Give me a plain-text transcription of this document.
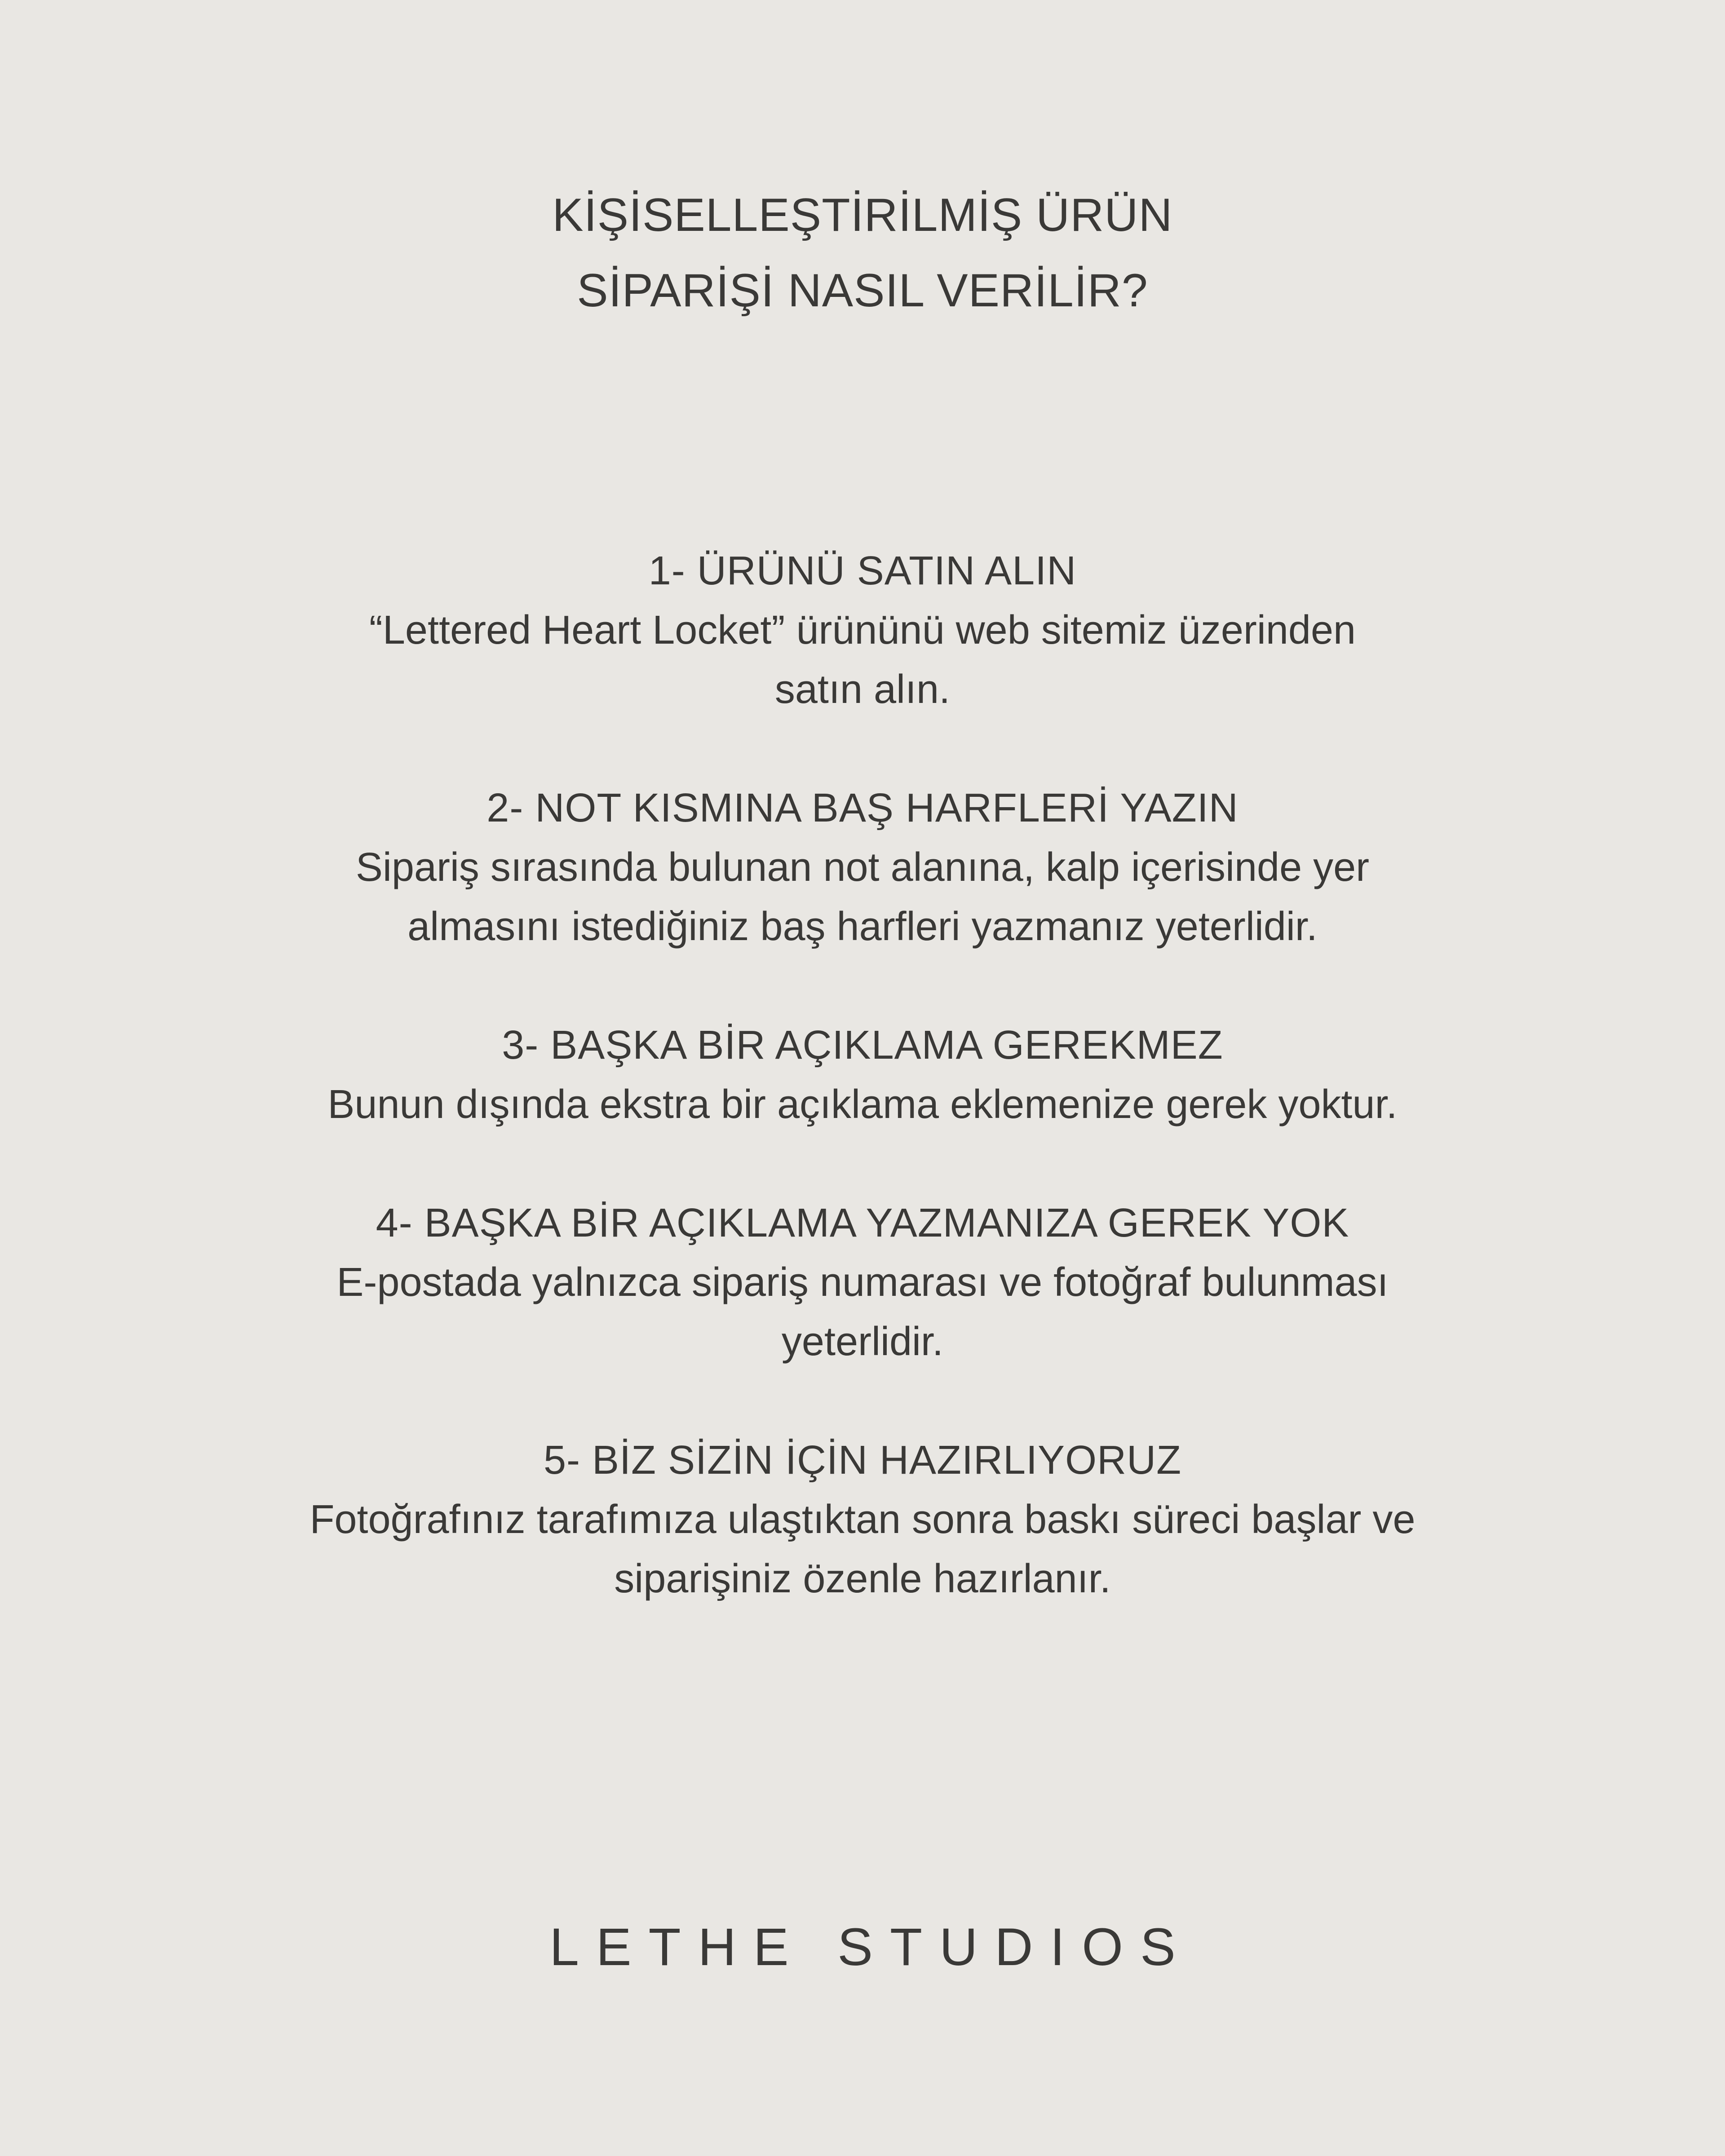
KİŞİSELLEŞTİRİLMİŞ ÜRÜN
SİPARİŞİ NASIL VERİLİR?
1- ÜRÜNÜ SATIN ALIN
“Lettered Heart Locket” ürününü web sitemiz üzerinden
satın alın.
2- NOT KISMINA BAŞ HARFLERİ YAZIN
Sipariş sırasında bulunan not alanına, kalp içerisinde yer
almasını istediğiniz baş harfleri yazmanız yeterlidir.
3- BAŞKA BİR AÇIKLAMA GEREKMEZ
Bunun dışında ekstra bir açıklama eklemenize gerek yoktur.
4- BAŞKA BİR AÇIKLAMA YAZMANIZA GEREK YOK
E-postada yalnızca sipariş numarası ve fotoğraf bulunması
yeterlidir.
5- BİZ SİZİN İÇİN HAZIRLIYORUZ
Fotoğrafınız tarafımıza ulaştıktan sonra baskı süreci başlar ve
siparişiniz özenle hazırlanır.
LETHE STUDIOS
